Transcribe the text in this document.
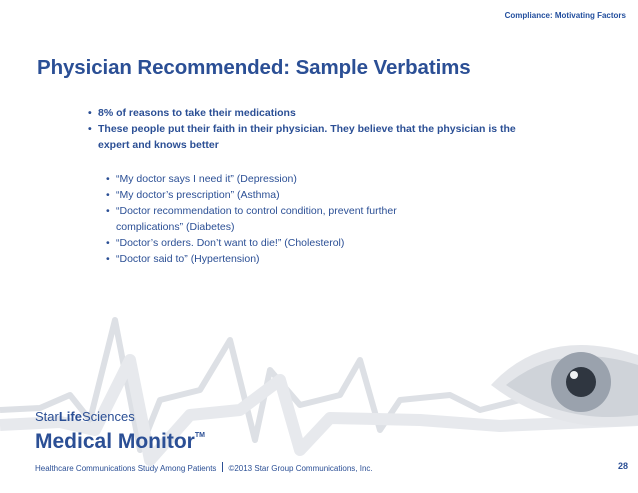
Compliance: Motivating Factors
Physician Recommended: Sample Verbatims
• 8% of reasons to take their medications
• These people put their faith in their physician. They believe that the physician is the expert and knows better
• “My doctor says I need it” (Depression)
• “My doctor’s prescription” (Asthma)
• “Doctor recommendation to control condition, prevent further complications” (Diabetes)
• “Doctor’s orders. Don’t want to die!” (Cholesterol)
• “Doctor said to” (Hypertension)
StarLifeSciences
Medical Monitor™
Healthcare Communications Study Among Patients ©2013 Star Group Communications, Inc.	28
